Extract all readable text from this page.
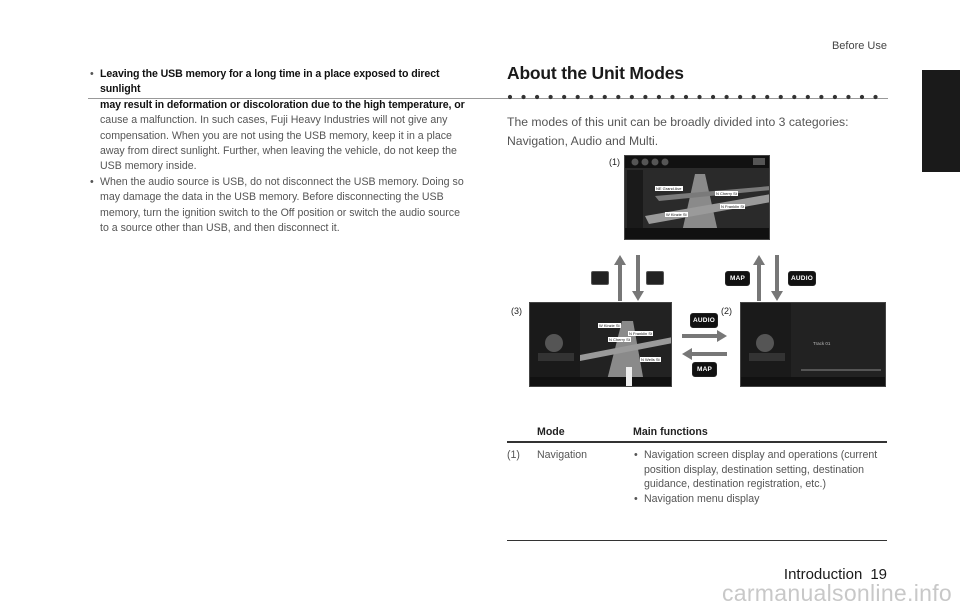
Before Use
• Leaving the USB memory for a long time in a place exposed to direct sunlight
may result in deformation or discoloration due to the high temperature, or
cause a malfunction. In such cases, Fuji Heavy Industries will not give any compensation. When you are not using the USB memory, keep it in a place away from direct sunlight. Further, when leaving the vehicle, do not keep the USB memory inside.
• When the audio source is USB, do not disconnect the USB memory. Doing so may damage the data in the USB memory. Before disconnecting the USB memory, turn the ignition switch to the Off position or switch the audio source to a source other than USB, and then disconnect it.
About the Unit Modes
The modes of this unit can be broadly divided into 3 categories: Navigation, Audio and Multi.
(1)
NE Grand Ave
N Cherry St
N Franklin St
W Kinzie St
MAP	AUDIO
(3)	(2)
W Kinzie St
N Cherry St
N Franklin St
N Wells St
AUDIO
MAP
Track 01
Mode	Main functions
(1) Navigation
•	Navigation screen display and operations (current position display, destination setting, destination guidance, destination registration, etc.)
• Navigation menu display
Introduction 19
carmanualsonline.info
